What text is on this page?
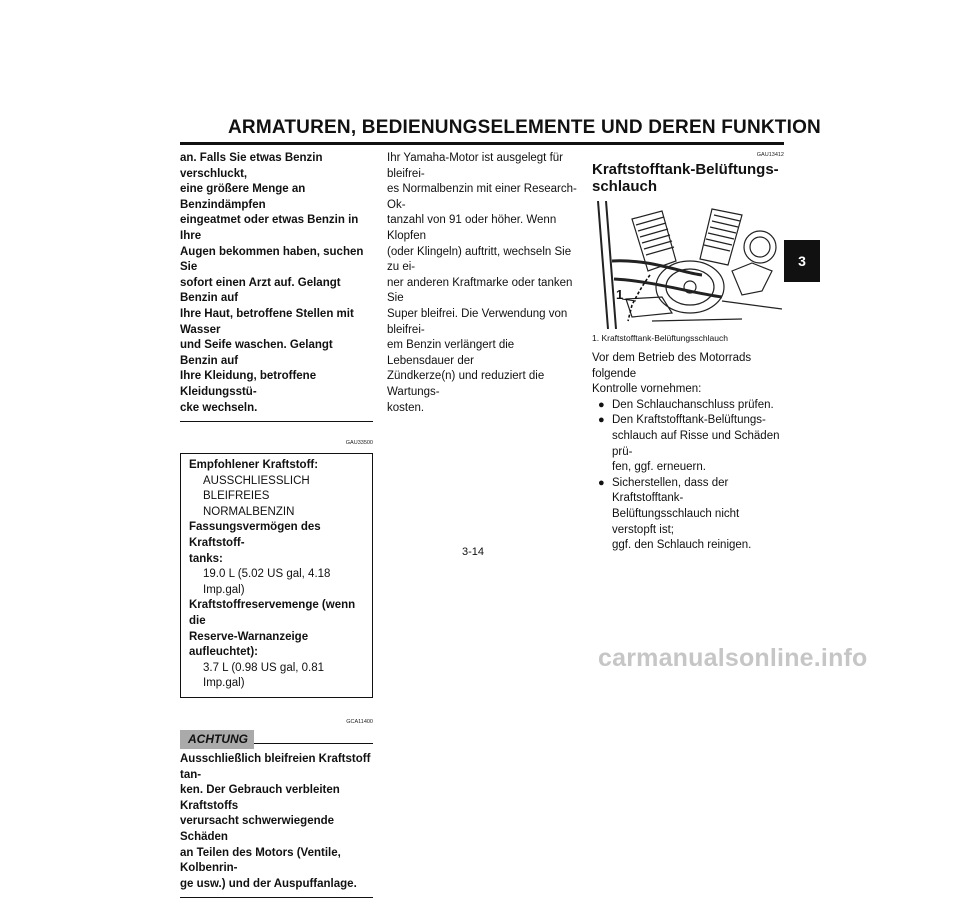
ARMATUREN, BEDIENUNGSELEMENTE UND DEREN FUNKTION
3
an. Falls Sie etwas Benzin verschluckt,
eine größere Menge an Benzindämpfen
eingeatmet oder etwas Benzin in Ihre
Augen bekommen haben, suchen Sie
sofort einen Arzt auf. Gelangt Benzin auf
Ihre Haut, betroffene Stellen mit Wasser
und Seife waschen. Gelangt Benzin auf
Ihre Kleidung, betroffene Kleidungsstü-
cke wechseln.
GAU33500
Empfohlener Kraftstoff:
AUSSCHLIESSLICH BLEIFREIES
NORMALBENZIN
Fassungsvermögen des Kraftstoff-
tanks:
19.0 L (5.02 US gal, 4.18 Imp.gal)
Kraftstoffreservemenge (wenn die
Reserve-Warnanzeige aufleuchtet):
3.7 L (0.98 US gal, 0.81 Imp.gal)
GCA11400
ACHTUNG
Ausschließlich bleifreien Kraftstoff tan-
ken. Der Gebrauch verbleiten Kraftstoffs
verursacht schwerwiegende Schäden
an Teilen des Motors (Ventile, Kolbenrin-
ge usw.) und der Auspuffanlage.
Ihr Yamaha-Motor ist ausgelegt für bleifrei-
es Normalbenzin mit einer Research-Ok-
tanzahl von 91 oder höher. Wenn Klopfen
(oder Klingeln) auftritt, wechseln Sie zu ei-
ner anderen Kraftmarke oder tanken Sie
Super bleifrei. Die Verwendung von bleifrei-
em Benzin verlängert die Lebensdauer der
Zündkerze(n) und reduziert die Wartungs-
kosten.
GAU13412
Kraftstofftank-Belüftungs-
schlauch
1
1. Kraftstofftank-Belüftungsschlauch
Vor dem Betrieb des Motorrads folgende
Kontrolle vornehmen:
● Den Schlauchanschluss prüfen.
● Den Kraftstofftank-Belüftungs-
schlauch auf Risse und Schäden prü-
fen, ggf. erneuern.
● Sicherstellen, dass der Kraftstofftank-
Belüftungsschlauch nicht verstopft ist;
ggf. den Schlauch reinigen.
3-14
carmanualsonline.info
